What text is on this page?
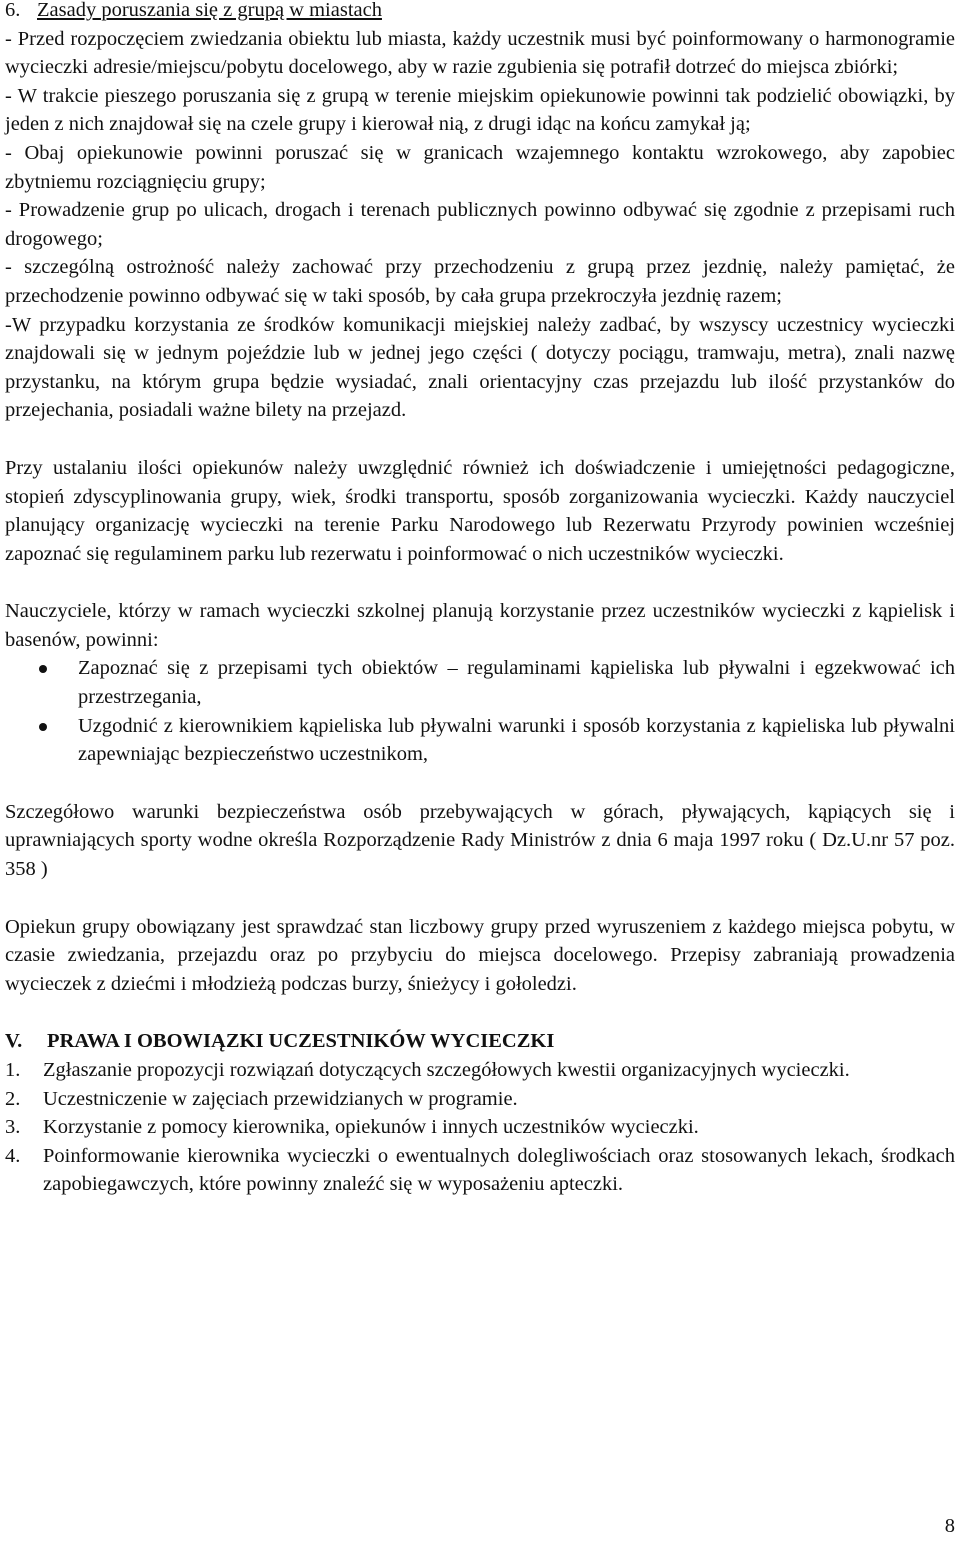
6. Zasady poruszania się z grupą w miastach

- Przed rozpoczęciem zwiedzania obiektu lub miasta, każdy uczestnik musi być poinformowany o harmonogramie wycieczki adresie/miejscu/pobytu docelowego, aby w razie zgubienia się potrafił dotrzeć do miejsca zbiórki;

- W trakcie pieszego poruszania się z grupą w terenie miejskim opiekunowie powinni tak podzielić obowiązki, by jeden z nich znajdował się na czele grupy i kierował nią, z drugi idąc na końcu zamykał ją;

- Obaj opiekunowie powinni poruszać się w granicach wzajemnego kontaktu wzrokowego, aby zapobiec zbytniemu rozciągnięciu grupy;

- Prowadzenie grup po ulicach, drogach i terenach publicznych powinno odbywać się zgodnie z przepisami ruch drogowego;

- szczególną ostrożność należy zachować przy przechodzeniu z grupą przez jezdnię, należy pamiętać, że przechodzenie powinno odbywać się w taki sposób, by cała grupa przekroczyła jezdnię razem;

-W przypadku korzystania ze środków komunikacji miejskiej należy zadbać, by wszyscy uczestnicy wycieczki znajdowali się w jednym pojeździe lub w jednej jego części ( dotyczy pociągu, tramwaju, metra), znali nazwę przystanku, na którym grupa będzie wysiadać, znali orientacyjny czas przejazdu lub ilość przystanków do przejechania, posiadali ważne bilety na przejazd.

Przy ustalaniu ilości opiekunów należy uwzględnić również ich doświadczenie i umiejętności pedagogiczne, stopień zdyscyplinowania grupy, wiek, środki transportu, sposób zorganizowania wycieczki. Każdy nauczyciel planujący organizację wycieczki na terenie Parku Narodowego lub Rezerwatu Przyrody powinien wcześniej zapoznać się regulaminem parku lub rezerwatu i poinformować o nich uczestników wycieczki.

Nauczyciele, którzy w ramach wycieczki szkolnej planują korzystanie przez uczestników wycieczki z kąpielisk i basenów, powinni:

Zapoznać się z przepisami tych obiektów – regulaminami kąpieliska lub pływalni i egzekwować ich przestrzegania,
Uzgodnić z kierownikiem kąpieliska lub pływalni warunki i sposób korzystania z kąpieliska lub pływalni zapewniając bezpieczeństwo uczestnikom,

Szczegółowo warunki bezpieczeństwa osób przebywających w górach, pływających, kąpiących się i uprawniających sporty wodne określa Rozporządzenie Rady Ministrów z dnia 6 maja 1997 roku ( Dz.U.nr 57 poz. 358 )

Opiekun grupy obowiązany jest sprawdzać stan liczbowy grupy przed wyruszeniem z każdego miejsca pobytu, w czasie zwiedzania, przejazdu oraz po przybyciu do miejsca docelowego. Przepisy zabraniają prowadzenia wycieczek z dziećmi i młodzieżą podczas burzy, śnieżycy i gołoledzi.

V. PRAWA I OBOWIĄZKI UCZESTNIKÓW WYCIECZKI

1. Zgłaszanie propozycji rozwiązań dotyczących szczegółowych kwestii organizacyjnych wycieczki.
2. Uczestniczenie w zajęciach przewidzianych w programie.
3. Korzystanie z pomocy kierownika, opiekunów i innych uczestników wycieczki.
4. Poinformowanie kierownika wycieczki o ewentualnych dolegliwościach oraz stosowanych lekach, środkach zapobiegawczych, które powinny znaleźć się w wyposażeniu apteczki.
8
